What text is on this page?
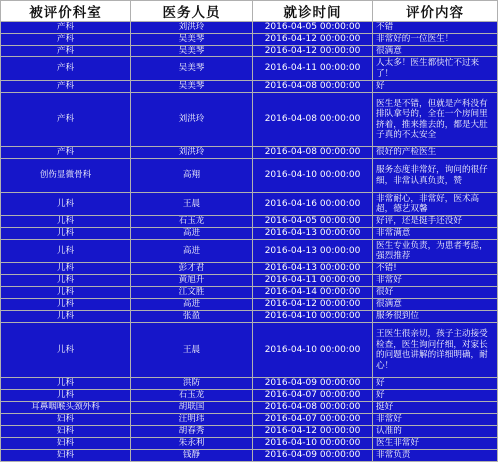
被评价科室	医务人员	就诊时间	评价内容
产科	刘洪玲	2016-04-05 00:00:00	不错
产科	吴美琴	2016-04-12 00:00:00	非常好的一位医生！
产科	吴美琴	2016-04-12 00:00:00	很满意
产科	吴美琴	2016-04-11 00:00:00	人太多！医生都快忙不过来了！
产科	吴美琴	2016-04-08 00:00:00	好
产科	刘洪玲	2016-04-08 00:00:00	医生是不错，但就是产科没有排队拿号的，全在一个房间里挤着，推来推去的，都是大肚子真的不太安全
产科	刘洪玲	2016-04-08 00:00:00	很好的产检医生
创伤显微骨科	高翔	2016-04-10 00:00:00	服务态度非常好，询问的很仔细，非常认真负责，赞
儿科	王晨	2016-04-16 00:00:00	非常耐心，非常好，医术高超，德艺双馨
儿科	石玉龙	2016-04-05 00:00:00	好评，还是挺手还没好
儿科	高进	2016-04-13 00:00:00	非常满意
儿科	高进	2016-04-13 00:00:00	医生专业负责，为患者考虑，强烈推荐
儿科	彭才君	2016-04-13 00:00:00	不错!
儿科	黄旭升	2016-04-11 00:00:00	非常好
儿科	江文胜	2016-04-14 00:00:00	很好
儿科	高进	2016-04-12 00:00:00	很满意
儿科	张盈	2016-04-10 00:00:00	服务很到位
儿科	王晨	2016-04-10 00:00:00	王医生很亲切，孩子主动接受检查，医生询问仔细，对家长的问题也讲解的详细明确，耐心！
儿科	洪防	2016-04-09 00:00:00	好
儿科	石玉龙	2016-04-07 00:00:00	好
耳鼻咽喉头颈外科	胡联国	2016-04-08 00:00:00	挺好
妇科	汪明玮	2016-04-07 00:00:00	非常好
妇科	胡春秀	2016-04-12 00:00:00	认准的
妇科	朱永利	2016-04-10 00:00:00	医生非常好
妇科	钱静	2016-04-09 00:00:00	非常负责
